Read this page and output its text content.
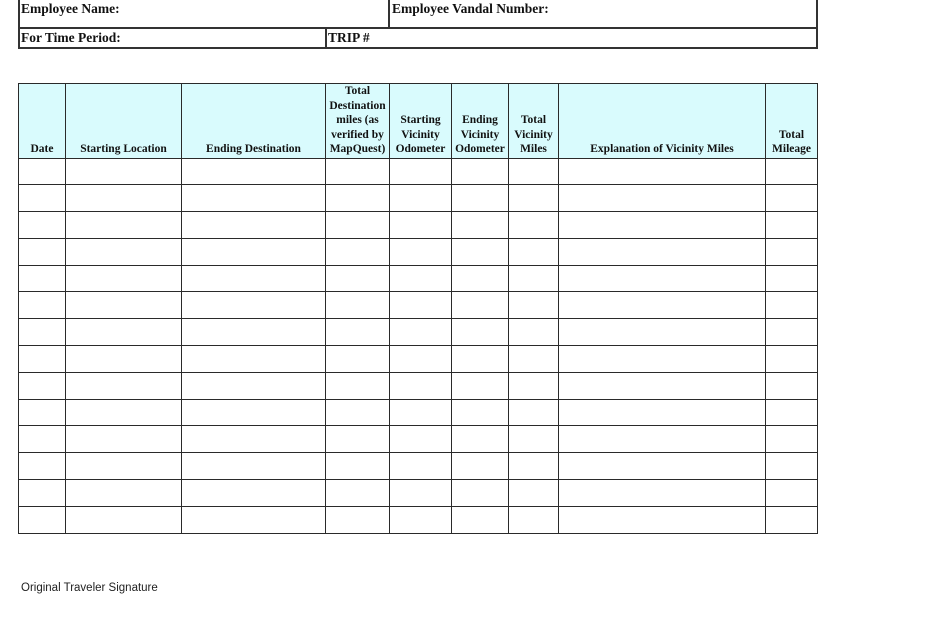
Employee Name:	Employee Vandal Number:
For Time Period:	TRIP #
Date	Starting Location	Ending Destination	Total Destination miles (as verified by MapQuest)	Starting Vicinity Odometer	Ending Vicinity Odometer	Total Vicinity Miles	Explanation of Vicinity Miles	Total Mileage

Original Traveler Signature
